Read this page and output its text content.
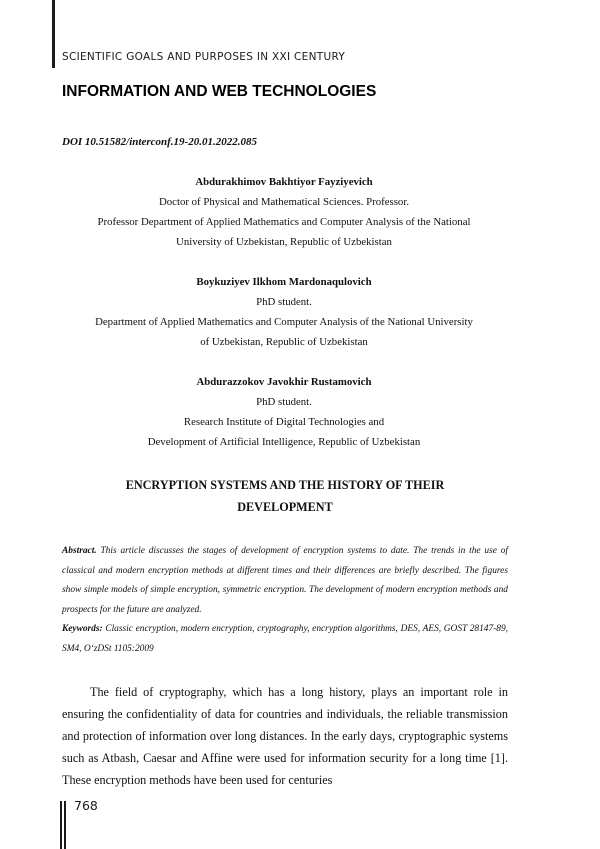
SCIENTIFIC GOALS AND PURPOSES IN XXI CENTURY
INFORMATION AND WEB TECHNOLOGIES
DOI 10.51582/interconf.19-20.01.2022.085
Abdurakhimov Bakhtiyor Fayziyevich
Doctor of Physical and Mathematical Sciences. Professor.
Professor Department of Applied Mathematics and Computer Analysis of the National
University of Uzbekistan, Republic of Uzbekistan
Boykuziyev Ilkhom Mardonaqulovich
PhD student.
Department of Applied Mathematics and Computer Analysis of the National University
of Uzbekistan, Republic of Uzbekistan
Abdurazzokov Javokhir Rustamovich
PhD student.
Research Institute of Digital Technologies and
Development of Artificial Intelligence, Republic of Uzbekistan
ENCRYPTION SYSTEMS AND THE HISTORY OF THEIR
DEVELOPMENT
Abstract. This article discusses the stages of development of encryption systems to date. The trends in the use of classical and modern encryption methods at different times and their differences are briefly described. The figures show simple models of simple encryption, symmetric encryption. The development of modern encryption methods and prospects for the future are analyzed.
Keywords: Classic encryption, modern encryption, cryptography, encryption algorithms, DES, AES, GOST 28147-89, SM4, O‘zDSt 1105:2009
The field of cryptography, which has a long history, plays an important role in ensuring the confidentiality of data for countries and individuals, the reliable transmission and protection of information over long distances. In the early days, cryptographic systems such as Atbash, Caesar and Affine were used for information security for a long time [1]. These encryption methods have been used for centuries
768
